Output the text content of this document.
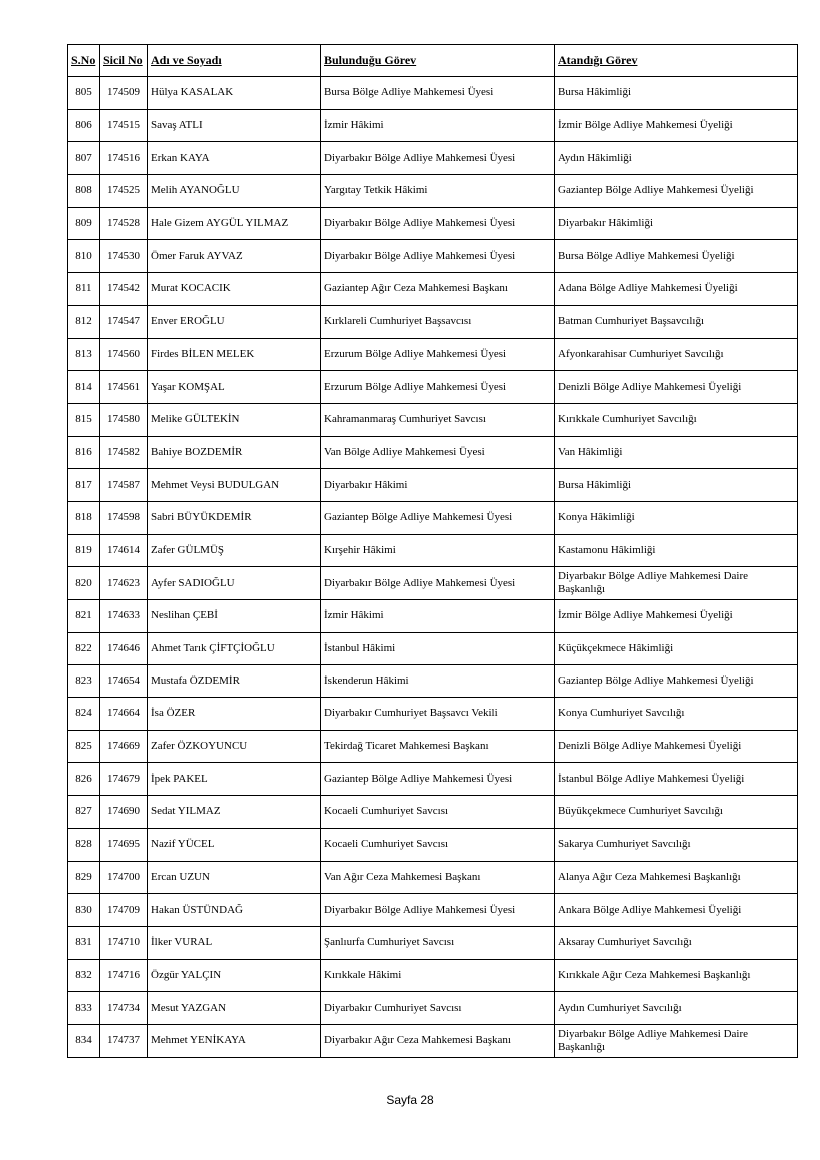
S.No	Sicil No	Adı ve Soyadı	Bulunduğu Görev	Atandığı Görev
805	174509	Hülya KASALAK	Bursa Bölge Adliye Mahkemesi Üyesi	Bursa Hâkimliği
806	174515	Savaş ATLI	İzmir Hâkimi	İzmir Bölge Adliye Mahkemesi Üyeliği
807	174516	Erkan KAYA	Diyarbakır Bölge Adliye Mahkemesi Üyesi	Aydın Hâkimliği
808	174525	Melih AYANOĞLU	Yargıtay Tetkik Hâkimi	Gaziantep Bölge Adliye Mahkemesi Üyeliği
809	174528	Hale Gizem AYGÜL YILMAZ	Diyarbakır Bölge Adliye Mahkemesi Üyesi	Diyarbakır Hâkimliği
810	174530	Ömer Faruk AYVAZ	Diyarbakır Bölge Adliye Mahkemesi Üyesi	Bursa Bölge Adliye Mahkemesi Üyeliği
811	174542	Murat KOCACIK	Gaziantep Ağır Ceza Mahkemesi Başkanı	Adana Bölge Adliye Mahkemesi Üyeliği
812	174547	Enver EROĞLU	Kırklareli Cumhuriyet Başsavcısı	Batman Cumhuriyet Başsavcılığı
813	174560	Firdes BİLEN MELEK	Erzurum Bölge Adliye Mahkemesi Üyesi	Afyonkarahisar Cumhuriyet Savcılığı
814	174561	Yaşar KOMŞAL	Erzurum Bölge Adliye Mahkemesi Üyesi	Denizli Bölge Adliye Mahkemesi Üyeliği
815	174580	Melike GÜLTEKİN	Kahramanmaraş Cumhuriyet Savcısı	Kırıkkale Cumhuriyet Savcılığı
816	174582	Bahiye BOZDEMİR	Van Bölge Adliye Mahkemesi Üyesi	Van Hâkimliği
817	174587	Mehmet Veysi BUDULGAN	Diyarbakır Hâkimi	Bursa Hâkimliği
818	174598	Sabri BÜYÜKDEMİR	Gaziantep Bölge Adliye Mahkemesi Üyesi	Konya Hâkimliği
819	174614	Zafer GÜLMÜŞ	Kırşehir Hâkimi	Kastamonu Hâkimliği
820	174623	Ayfer SADIOĞLU	Diyarbakır Bölge Adliye Mahkemesi Üyesi	Diyarbakır Bölge Adliye Mahkemesi Daire Başkanlığı
821	174633	Neslihan ÇEBİ	İzmir Hâkimi	İzmir Bölge Adliye Mahkemesi Üyeliği
822	174646	Ahmet Tarık ÇİFTÇİOĞLU	İstanbul Hâkimi	Küçükçekmece Hâkimliği
823	174654	Mustafa ÖZDEMİR	İskenderun Hâkimi	Gaziantep Bölge Adliye Mahkemesi Üyeliği
824	174664	İsa ÖZER	Diyarbakır Cumhuriyet Başsavcı Vekili	Konya Cumhuriyet Savcılığı
825	174669	Zafer ÖZKOYUNCU	Tekirdağ Ticaret Mahkemesi Başkanı	Denizli Bölge Adliye Mahkemesi Üyeliği
826	174679	İpek PAKEL	Gaziantep Bölge Adliye Mahkemesi Üyesi	İstanbul Bölge Adliye Mahkemesi Üyeliği
827	174690	Sedat YILMAZ	Kocaeli Cumhuriyet Savcısı	Büyükçekmece Cumhuriyet Savcılığı
828	174695	Nazif YÜCEL	Kocaeli Cumhuriyet Savcısı	Sakarya Cumhuriyet Savcılığı
829	174700	Ercan UZUN	Van Ağır Ceza Mahkemesi Başkanı	Alanya Ağır Ceza Mahkemesi Başkanlığı
830	174709	Hakan ÜSTÜNDAĞ	Diyarbakır Bölge Adliye Mahkemesi Üyesi	Ankara Bölge Adliye Mahkemesi Üyeliği
831	174710	İlker VURAL	Şanlıurfa Cumhuriyet Savcısı	Aksaray Cumhuriyet Savcılığı
832	174716	Özgür YALÇIN	Kırıkkale Hâkimi	Kırıkkale Ağır Ceza Mahkemesi Başkanlığı
833	174734	Mesut YAZGAN	Diyarbakır Cumhuriyet Savcısı	Aydın Cumhuriyet Savcılığı
834	174737	Mehmet YENİKAYA	Diyarbakır Ağır Ceza Mahkemesi Başkanı	Diyarbakır Bölge Adliye Mahkemesi Daire Başkanlığı
Sayfa 28
